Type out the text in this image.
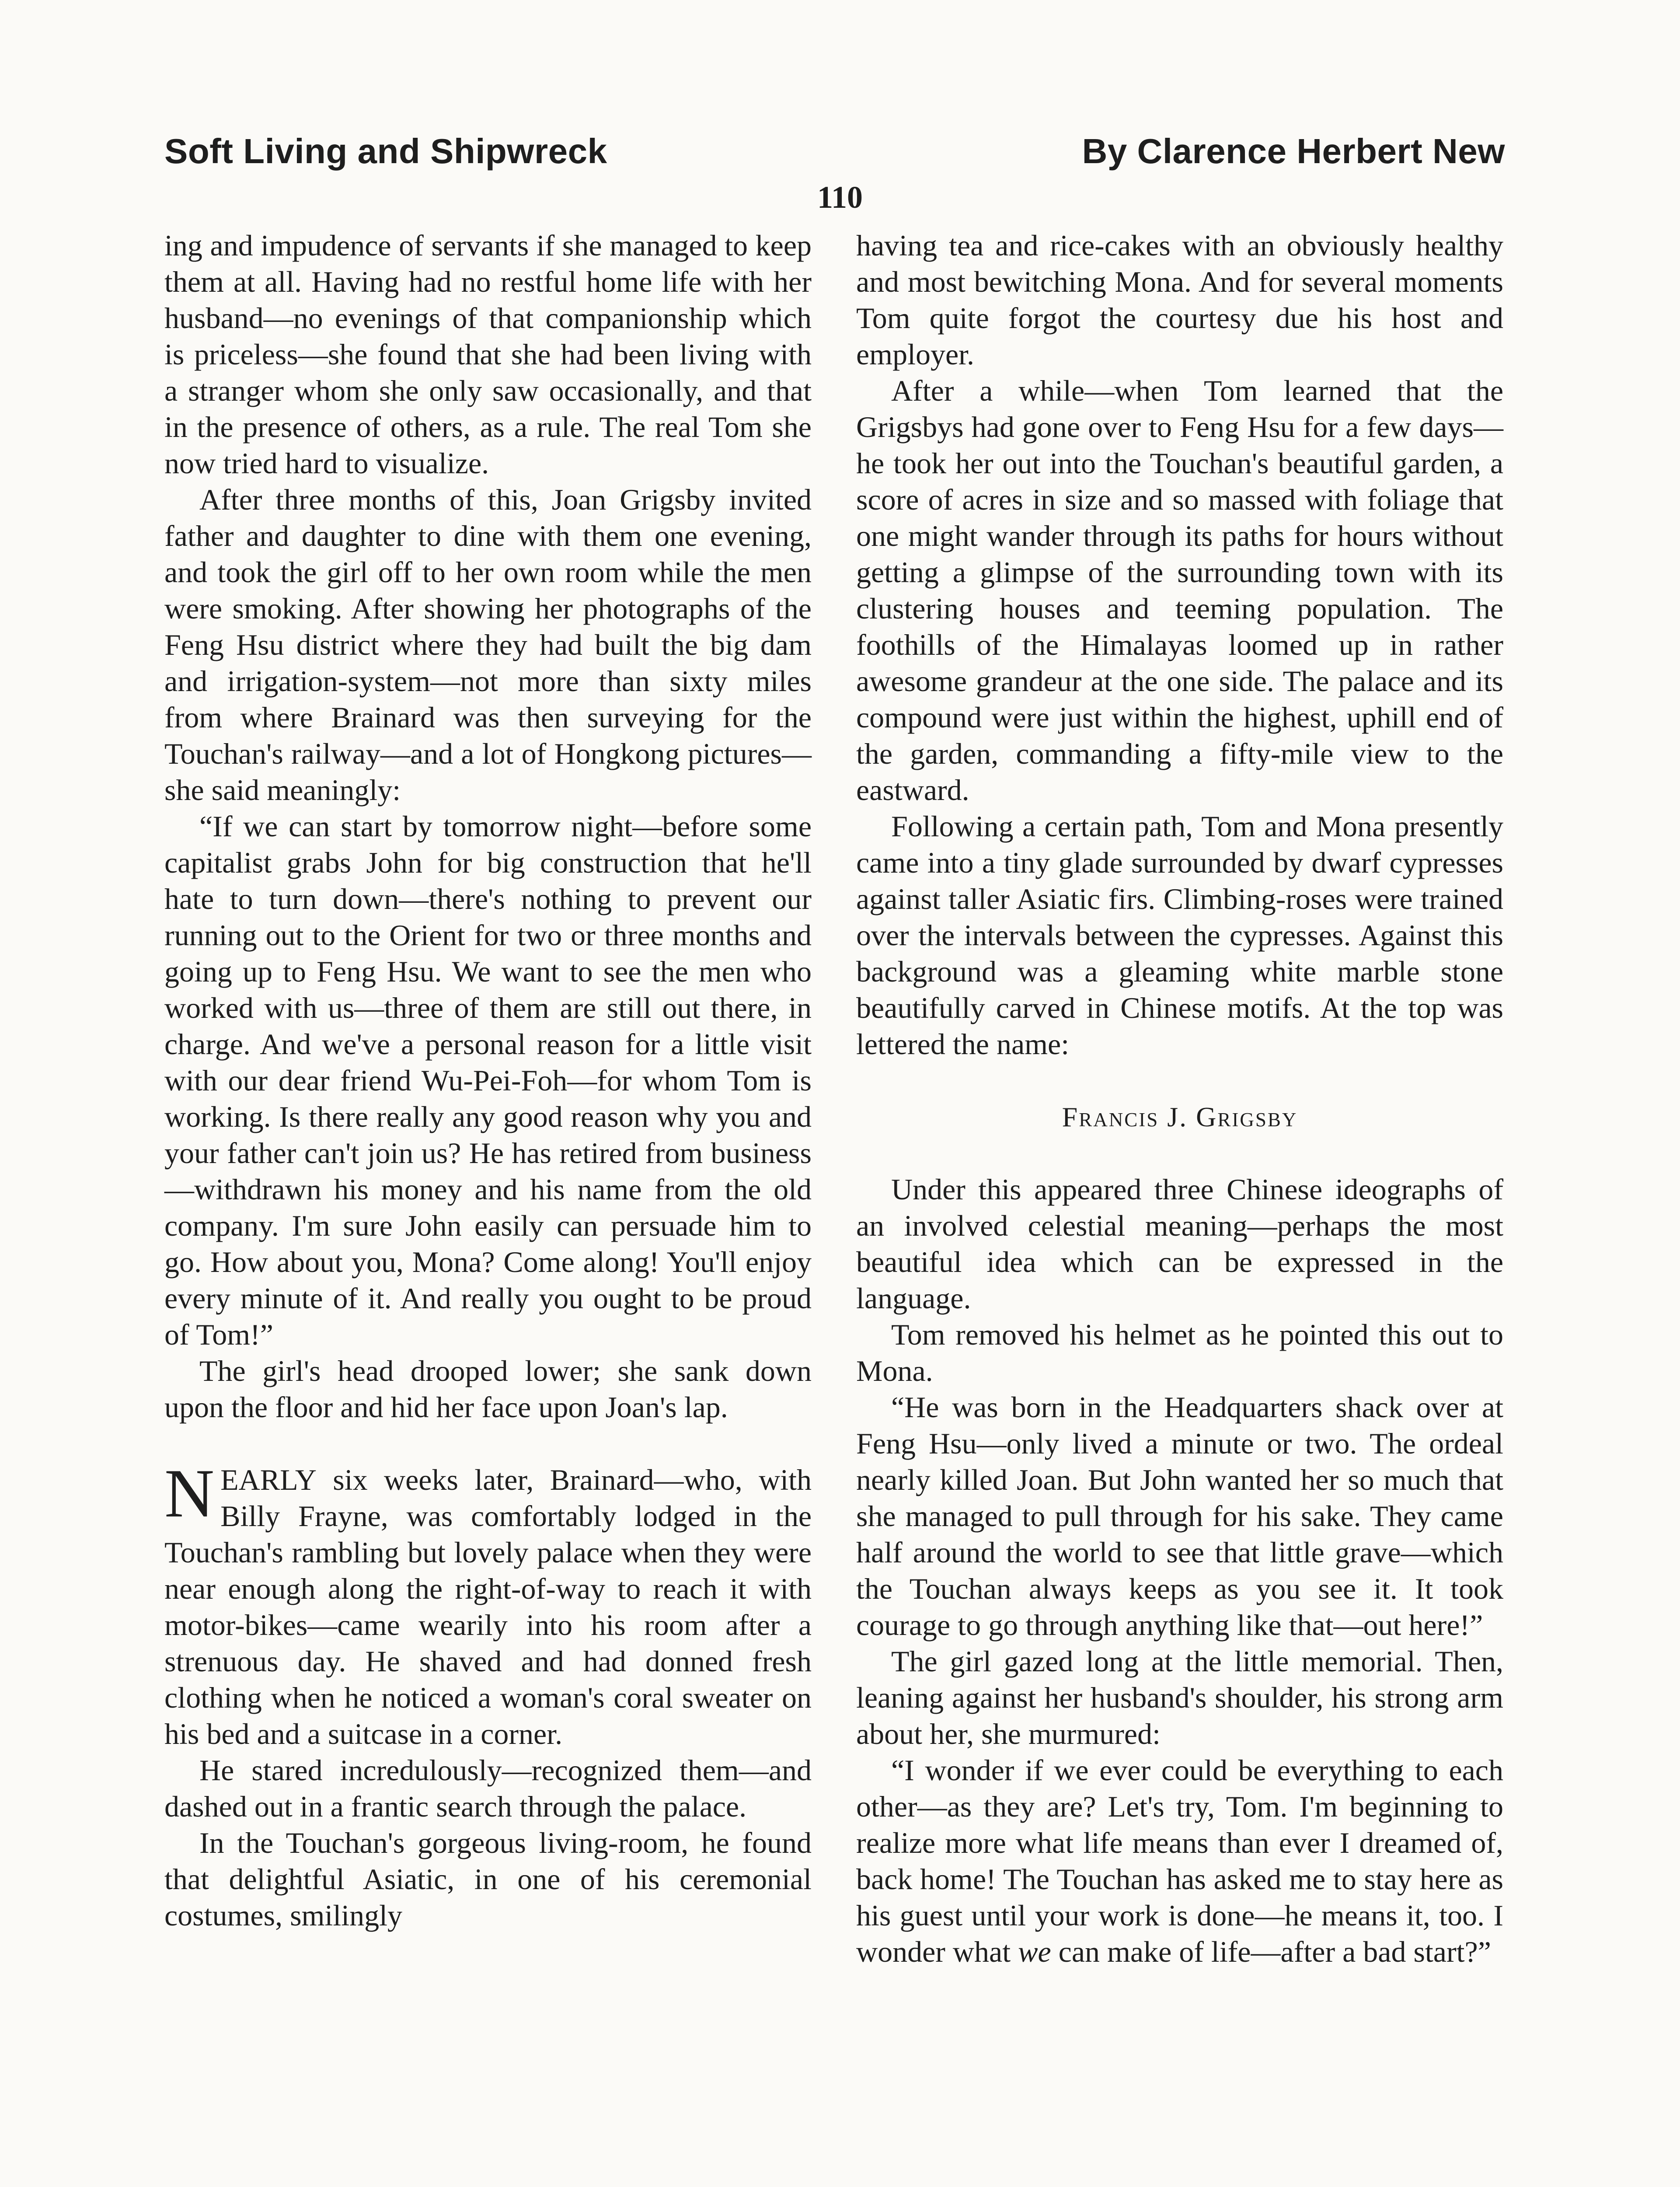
Soft Living and Shipwreck	By Clarence Herbert New
110

ing and impudence of servants if she managed to keep them at all. Having had no restful home life with her husband—no evenings of that companionship which is priceless—she found that she had been living with a stranger whom she only saw occasionally, and that in the presence of others, as a rule. The real Tom she now tried hard to visualize.

After three months of this, Joan Grigsby invited father and daughter to dine with them one evening, and took the girl off to her own room while the men were smoking. After showing her photographs of the Feng Hsu district where they had built the big dam and irrigation-system—not more than sixty miles from where Brainard was then surveying for the Touchan's railway—and a lot of Hongkong pictures—she said meaningly:

“If we can start by tomorrow night—before some capitalist grabs John for big construction that he'll hate to turn down—there's nothing to prevent our running out to the Orient for two or three months and going up to Feng Hsu. We want to see the men who worked with us—three of them are still out there, in charge. And we've a personal reason for a little visit with our dear friend Wu-Pei-Foh—for whom Tom is working. Is there really any good reason why you and your father can't join us? He has retired from business—withdrawn his money and his name from the old company. I'm sure John easily can persuade him to go. How about you, Mona? Come along! You'll enjoy every minute of it. And really you ought to be proud of Tom!”

The girl's head drooped lower; she sank down upon the floor and hid her face upon Joan's lap.

NEARLY six weeks later, Brainard—who, with Billy Frayne, was comfortably lodged in the Touchan's rambling but lovely palace when they were near enough along the right-of-way to reach it with motor-bikes—came wearily into his room after a strenuous day. He shaved and had donned fresh clothing when he noticed a woman's coral sweater on his bed and a suitcase in a corner.

He stared incredulously—recognized them—and dashed out in a frantic search through the palace.

In the Touchan's gorgeous living-room, he found that delightful Asiatic, in one of his ceremonial costumes, smilingly

having tea and rice-cakes with an obviously healthy and most bewitching Mona. And for several moments Tom quite forgot the courtesy due his host and employer.

After a while—when Tom learned that the Grigsbys had gone over to Feng Hsu for a few days—he took her out into the Touchan's beautiful garden, a score of acres in size and so massed with foliage that one might wander through its paths for hours without getting a glimpse of the surrounding town with its clustering houses and teeming population. The foothills of the Himalayas loomed up in rather awesome grandeur at the one side. The palace and its compound were just within the highest, uphill end of the garden, commanding a fifty-mile view to the eastward.

Following a certain path, Tom and Mona presently came into a tiny glade surrounded by dwarf cypresses against taller Asiatic firs. Climbing-roses were trained over the intervals between the cypresses. Against this background was a gleaming white marble stone beautifully carved in Chinese motifs. At the top was lettered the name:

Francis J. Grigsby

Under this appeared three Chinese ideographs of an involved celestial meaning—perhaps the most beautiful idea which can be expressed in the language.

Tom removed his helmet as he pointed this out to Mona.

“He was born in the Headquarters shack over at Feng Hsu—only lived a minute or two. The ordeal nearly killed Joan. But John wanted her so much that she managed to pull through for his sake. They came half around the world to see that little grave—which the Touchan always keeps as you see it. It took courage to go through anything like that—out here!”

The girl gazed long at the little memorial. Then, leaning against her husband's shoulder, his strong arm about her, she murmured:

“I wonder if we ever could be everything to each other—as they are? Let's try, Tom. I'm beginning to realize more what life means than ever I dreamed of, back home! The Touchan has asked me to stay here as his guest until your work is done—he means it, too. I wonder what we can make of life—after a bad start?”
